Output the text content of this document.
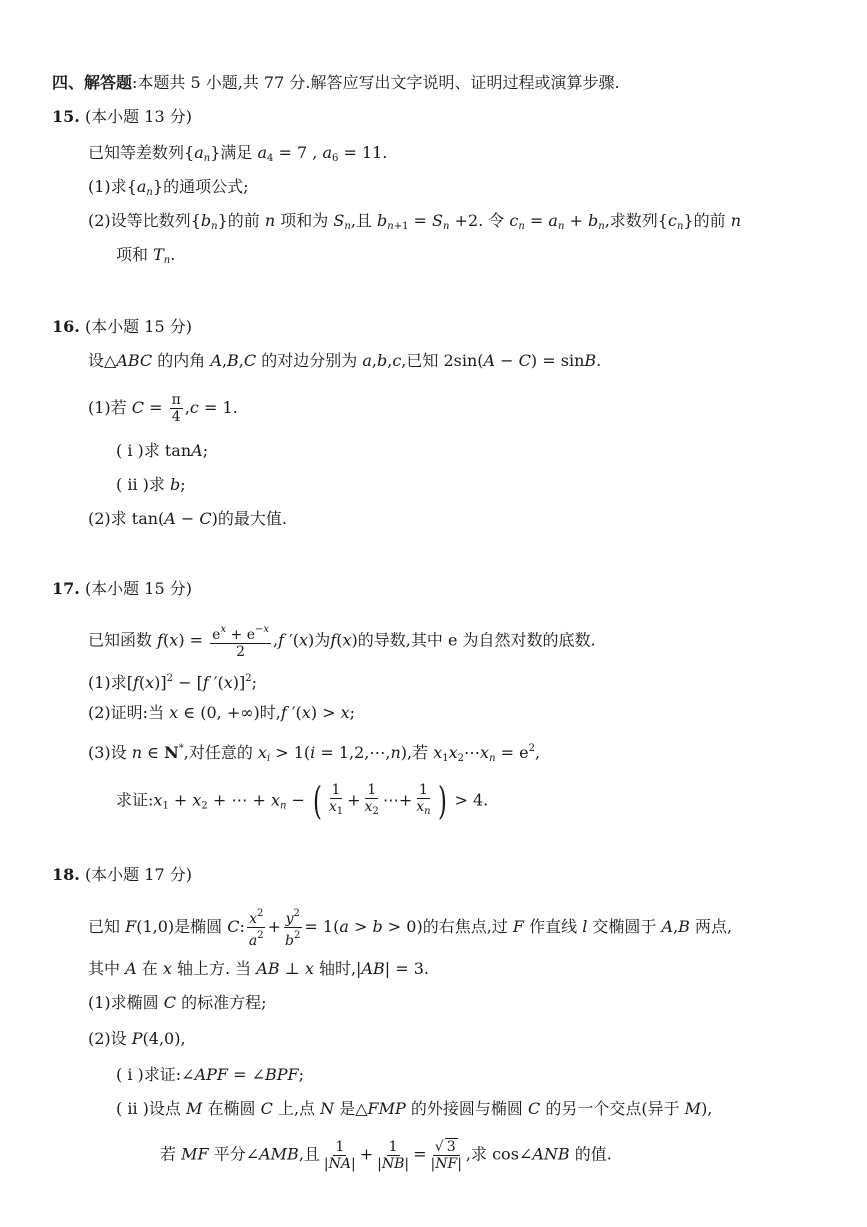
四、解答题:本题共 5 小题,共 77 分.解答应写出文字说明、证明过程或演算步骤.
15. (本小题 13 分)
已知等差数列$\{a_n\}$满足 $a_4 = 7$ , $a_6 = 11$.
(1)求$\{a_n\}$的通项公式;
(2)设等比数列$\{b_n\}$的前 n 项和为 $S_n$,且 $b_{n+1} = S_n +2$. 令 $c_n = a_n + b_n$,求数列$\{c_n\}$的前 n
项和 $T_n$.
16. (本小题 15 分)
设△ABC 的内角 A,B,C 的对边分别为 a,b,c,已知 2sin(A − C) = sinB.
(1)若 $C = \frac{\pi}{4} ,c = 1$.
( ⅰ )求 tanA;
( ⅱ )求 b;
(2)求 tan(A − C)的最大值.
17. (本小题 15 分)
已知函数 $f(x) = \frac{e^x + e^{-x}}{2} ,f$ ′(x)为f(x)的导数,其中 e 为自然对数的底数.
(1)求$[f(x)]^2 - [f$ ′(x)]$^2$;
(2)证明:当 x ∈ (0, +∞)时,f ′(x) > x;
(3)设 n ∈ N*,对任意的 $x_i > 1(i$ = 1,2,⋯,n),若 $x_1x_2\cdots x_n = e^2$,
求证$:x_1 + x_2$ + ⋯ + $x_n$ − ( $\frac{1}{x_1} + \frac{1}{x_2}$ ⋯+ $\frac{1}{x_n}$ ) > 4.
18. (本小题 17 分)
已知 F(1,0)是椭圆 C: $\frac{x^2}{a^2} + \frac{y^2}{b^2} = 1(a > b > 0)$的右焦点,过 F 作直线 l 交椭圆于 A,B 两点,
其中 A 在 x 轴上方. 当 AB ⊥ x 轴时,|AB| = 3.
(1)求椭圆 C 的标准方程;
(2)设 P(4,0),
( ⅰ )求证:∠APF = ∠BPF;
( ⅱ )设点 M 在椭圆 C 上,点 N 是△FMP 的外接圆与椭圆 C 的另一个交点(异于 M),
若 MF 平分∠AMB,且 $\frac{1}{|NA|} + \frac{1}{|NB|} = \frac{√ 3}{|NF|}$ ,求 cos∠ANB 的值.
